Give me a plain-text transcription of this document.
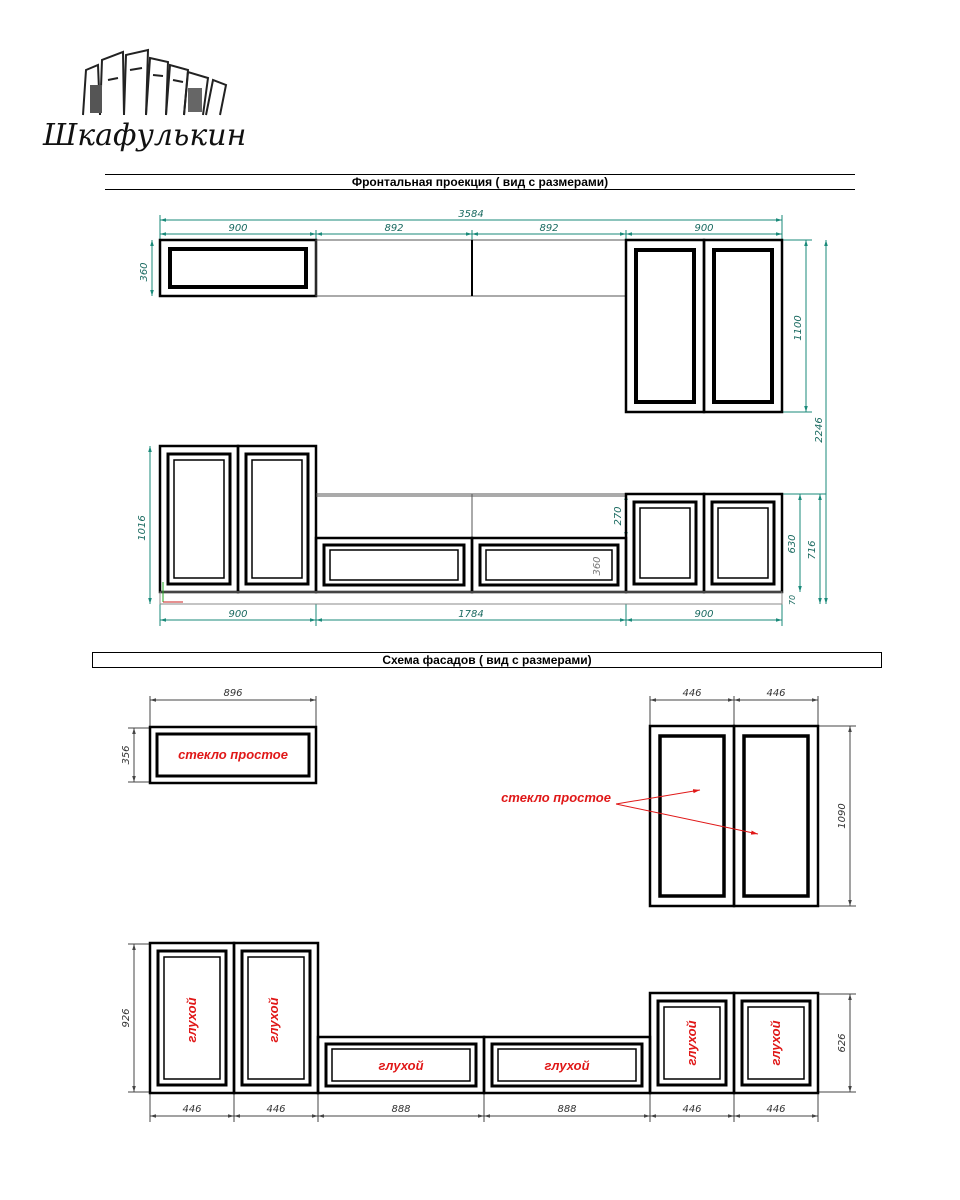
Шкафулькин
Фронтальная проекция ( вид с размерами)
Схема фасадов ( вид с размерами)
3584
900	892	892	900
360
1100
2246
1016	270
360
630 716
70
900	1784	900
896
356
446	446
1090
926
626
446	446	888	888	446	446
стекло простое
стекло простое
глухой	глухой
глухой	глухой	глухой	глухой
